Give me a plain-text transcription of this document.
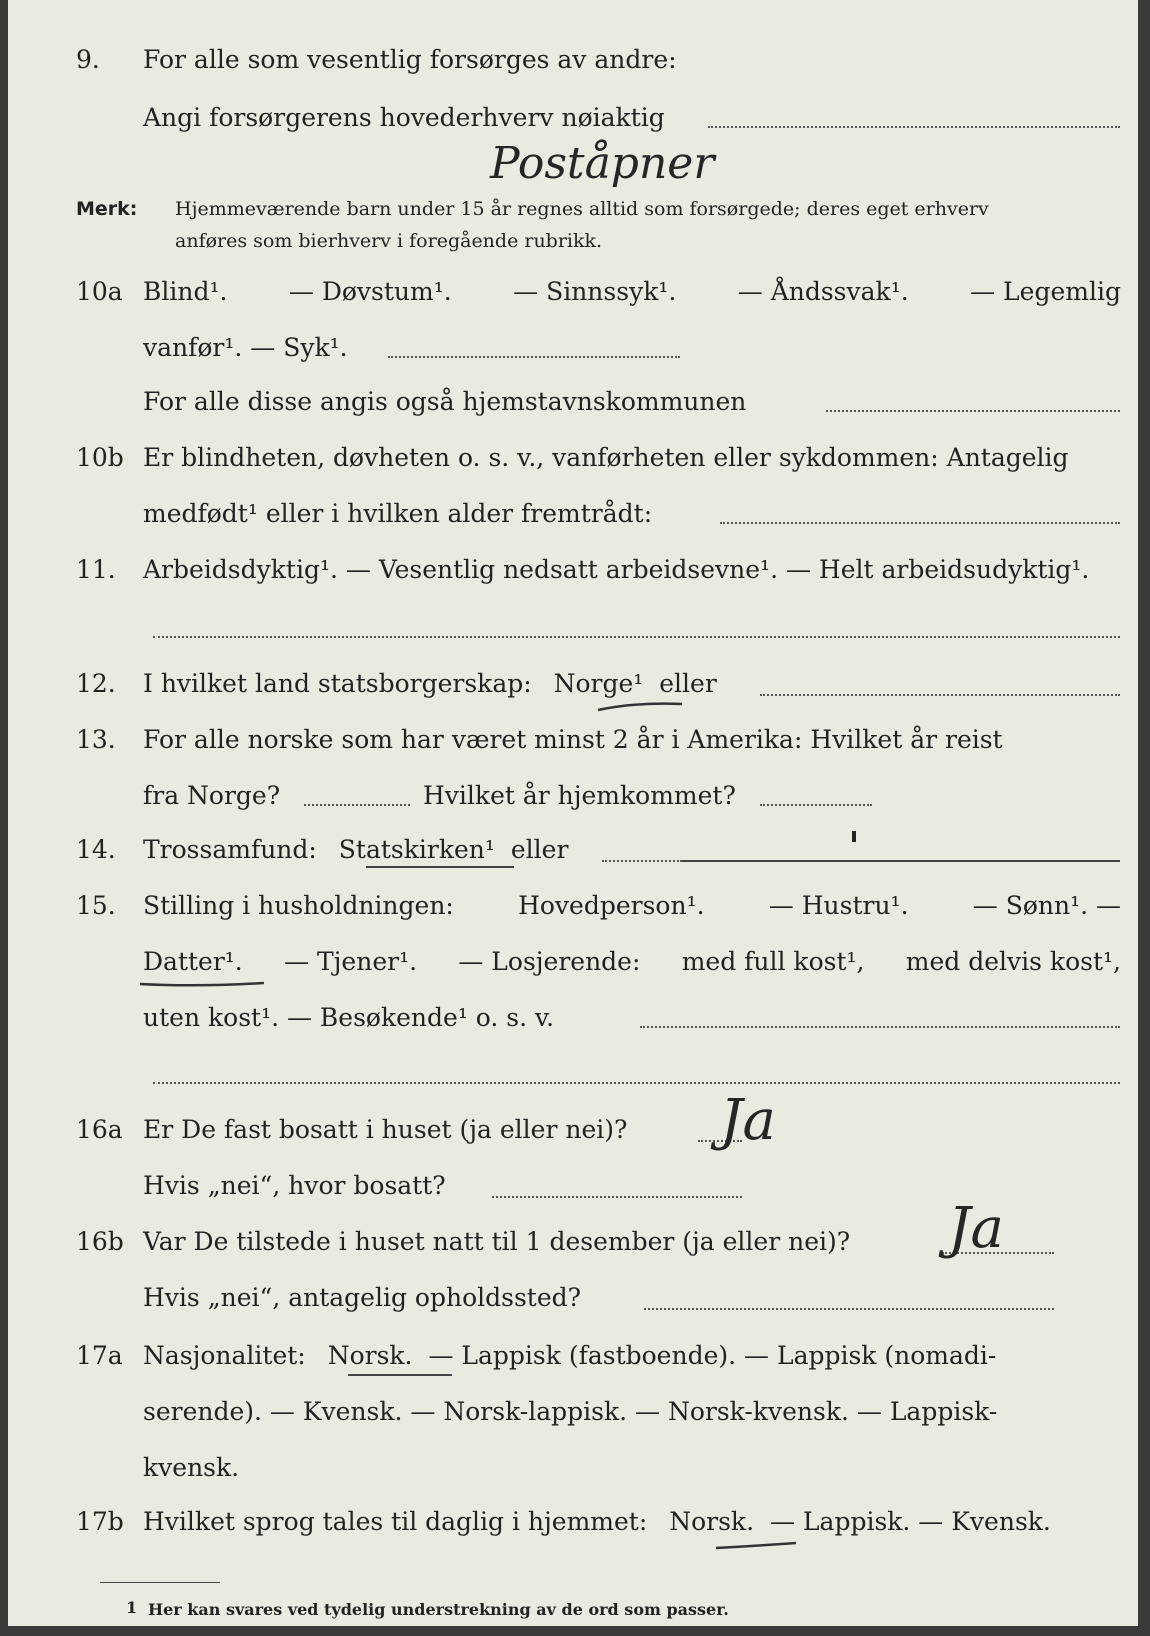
9. For alle som vesentlig forsørges av andre:
Angi forsørgerens hovederhverv nøiaktig
Poståpner
Merk: Hjemmeværende barn under 15 år regnes alltid som forsørgede; deres eget erhverv
anføres som bierhverv i foregående rubrikk.
10a Blind¹. — Døvstum¹. — Sinnssyk¹. — Åndssvak¹. — Legemlig
vanfør¹. — Syk¹.
For alle disse angis også hjemstavnskommunen
10b Er blindheten, døvheten o. s. v., vanførheten eller sykdommen: Antagelig
medfødt¹ eller i hvilken alder fremtrådt:
11. Arbeidsdyktig¹. — Vesentlig nedsatt arbeidsevne¹. — Helt arbeidsudyktig¹.
12. I hvilket land statsborgerskap: Norge¹ eller
13. For alle norske som har været minst 2 år i Amerika: Hvilket år reist
fra Norge?	Hvilket år hjemkommet?
14. Trossamfund: Statskirken¹ eller
15. Stilling i husholdningen:	Hovedperson¹.	— Hustru¹.	— Sønn¹. —
Datter¹. — Tjener¹. — Losjerende: med full kost¹, med delvis kost¹,
uten kost¹. — Besøkende¹ o. s. v.
16a Er De fast bosatt i huset (ja eller nei)? Ja
Hvis „nei“, hvor bosatt?
16b Var De tilstede i huset natt til 1 desember (ja eller nei)? Ja
Hvis „nei“, antagelig opholdssted?
17a Nasjonalitet: Norsk. — Lappisk (fastboende). — Lappisk (nomadi-
serende). — Kvensk. — Norsk-lappisk. — Norsk-kvensk. — Lappisk-
kvensk.
17b Hvilket sprog tales til daglig i hjemmet: Norsk. — Lappisk. — Kvensk.
1 Her kan svares ved tydelig understrekning av de ord som passer.
